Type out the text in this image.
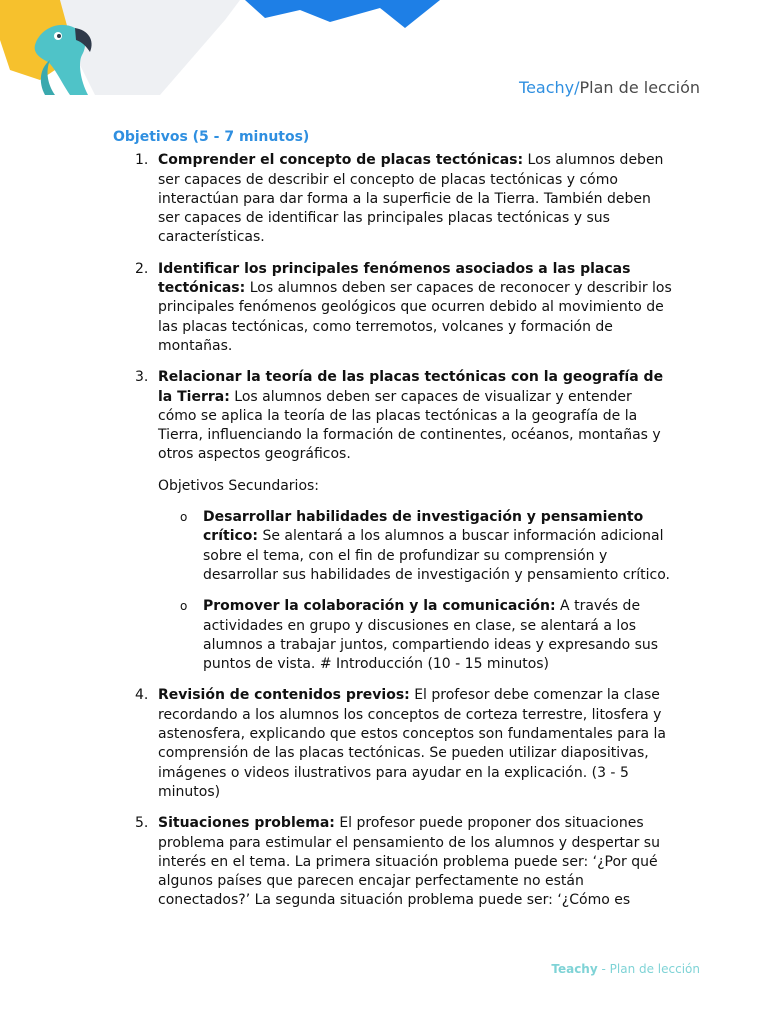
Teachy/Plan de lección
Objetivos (5 - 7 minutos)
1. Comprender el concepto de placas tectónicas: Los alumnos deben ser capaces de describir el concepto de placas tectónicas y cómo interactúan para dar forma a la superficie de la Tierra. También deben ser capaces de identificar las principales placas tectónicas y sus características.

2. Identificar los principales fenómenos asociados a las placas tectónicas: Los alumnos deben ser capaces de reconocer y describir los principales fenómenos geológicos que ocurren debido al movimiento de las placas tectónicas, como terremotos, volcanes y formación de montañas.

3. Relacionar la teoría de las placas tectónicas con la geografía de la Tierra: Los alumnos deben ser capaces de visualizar y entender cómo se aplica la teoría de las placas tectónicas a la geografía de la Tierra, influenciando la formación de continentes, océanos, montañas y otros aspectos geográficos.

Objetivos Secundarios:

o Desarrollar habilidades de investigación y pensamiento crítico: Se alentará a los alumnos a buscar información adicional sobre el tema, con el fin de profundizar su comprensión y desarrollar sus habilidades de investigación y pensamiento crítico.

o Promover la colaboración y la comunicación: A través de actividades en grupo y discusiones en clase, se alentará a los alumnos a trabajar juntos, compartiendo ideas y expresando sus puntos de vista. # Introducción (10 - 15 minutos)

4. Revisión de contenidos previos: El profesor debe comenzar la clase recordando a los alumnos los conceptos de corteza terrestre, litosfera y astenosfera, explicando que estos conceptos son fundamentales para la comprensión de las placas tectónicas. Se pueden utilizar diapositivas, imágenes o videos ilustrativos para ayudar en la explicación. (3 - 5 minutos)

5. Situaciones problema: El profesor puede proponer dos situaciones problema para estimular el pensamiento de los alumnos y despertar su interés en el tema. La primera situación problema puede ser: ‘¿Por qué algunos países que parecen encajar perfectamente no están conectados?’ La segunda situación problema puede ser: ‘¿Cómo es

Teachy - Plan de lección
